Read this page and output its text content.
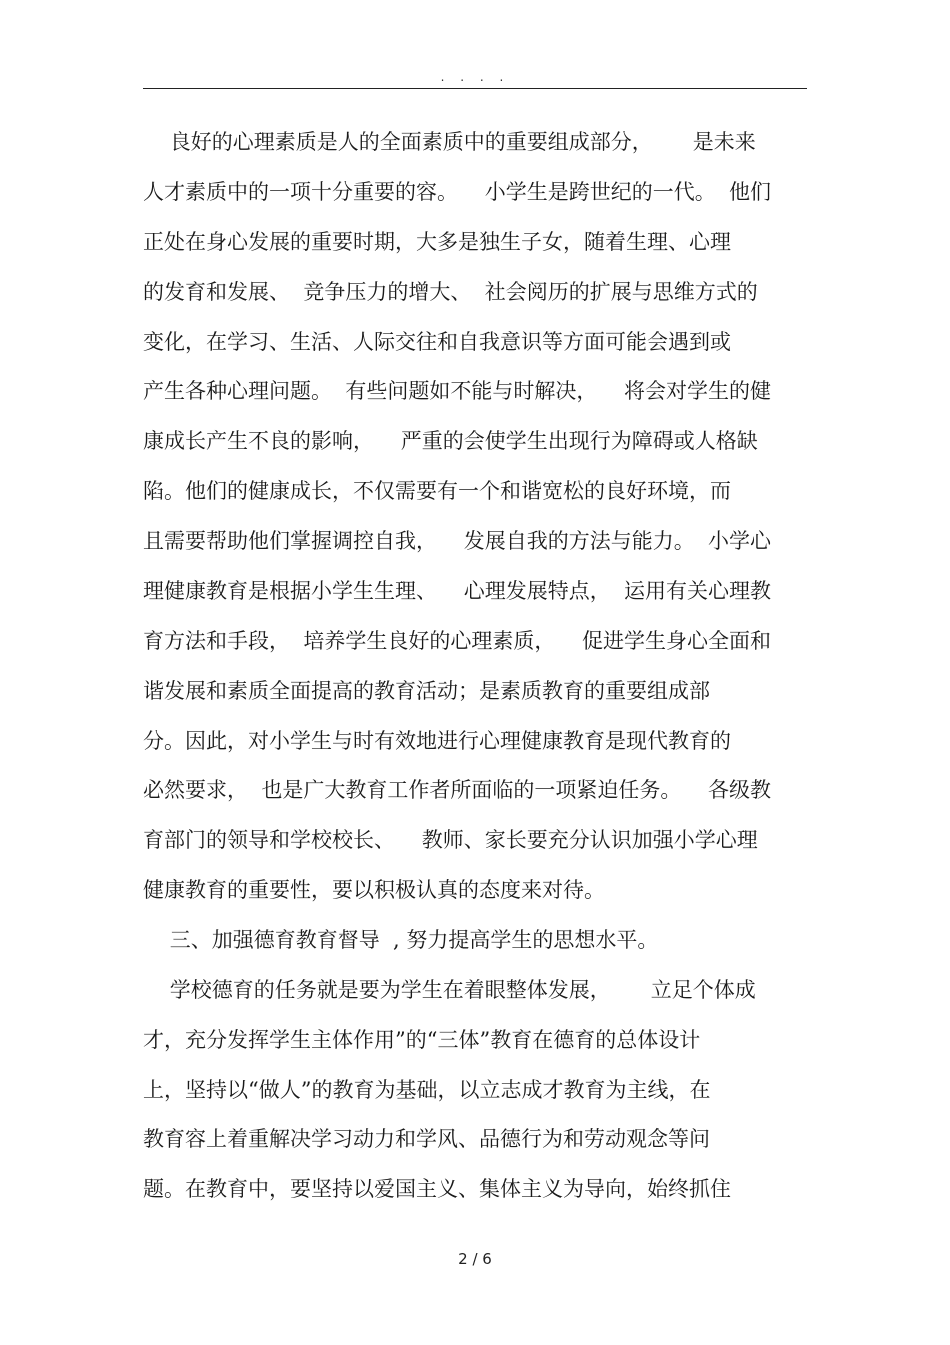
. . . .
良好的心理素质是人的全面素质中的重要组成部分，      是未来
人才素质中的一项十分重要的容。    小学生是跨世纪的一代。  他们
正处在身心发展的重要时期，大多是独生子女，随着生理、心理
的发育和发展、  竞争压力的增大、  社会阅历的扩展与思维方式的
变化，在学习、生活、人际交往和自我意识等方面可能会遇到或
产生各种心理问题。  有些问题如不能与时解决，    将会对学生的健
康成长产生不良的影响，    严重的会使学生出现行为障碍或人格缺
陷。他们的健康成长，不仅需要有一个和谐宽松的良好环境，而
且需要帮助他们掌握调控自我，    发展自我的方法与能力。  小学心
理健康教育是根据小学生生理、    心理发展特点，  运用有关心理教
育方法和手段，  培养学生良好的心理素质，    促进学生身心全面和
谐发展和素质全面提高的教育活动；是素质教育的重要组成部
分。因此，对小学生与时有效地进行心理健康教育是现代教育的
必然要求，  也是广大教育工作者所面临的一项紧迫任务。    各级教
育部门的领导和学校校长、    教师、家长要充分认识加强小学心理
健康教育的重要性，要以积极认真的态度来对待。
三、加强德育教育督导  , 努力提高学生的思想水平。
学校德育的任务就是要为学生在着眼整体发展，      立足个体成
才，充分发挥学生主体作用”的“三体”教育在德育的总体设计
上，坚持以“做人”的教育为基础，以立志成才教育为主线，在
教育容上着重解决学习动力和学风、品德行为和劳动观念等问
题。在教育中，要坚持以爱国主义、集体主义为导向，始终抓住
2 / 6
